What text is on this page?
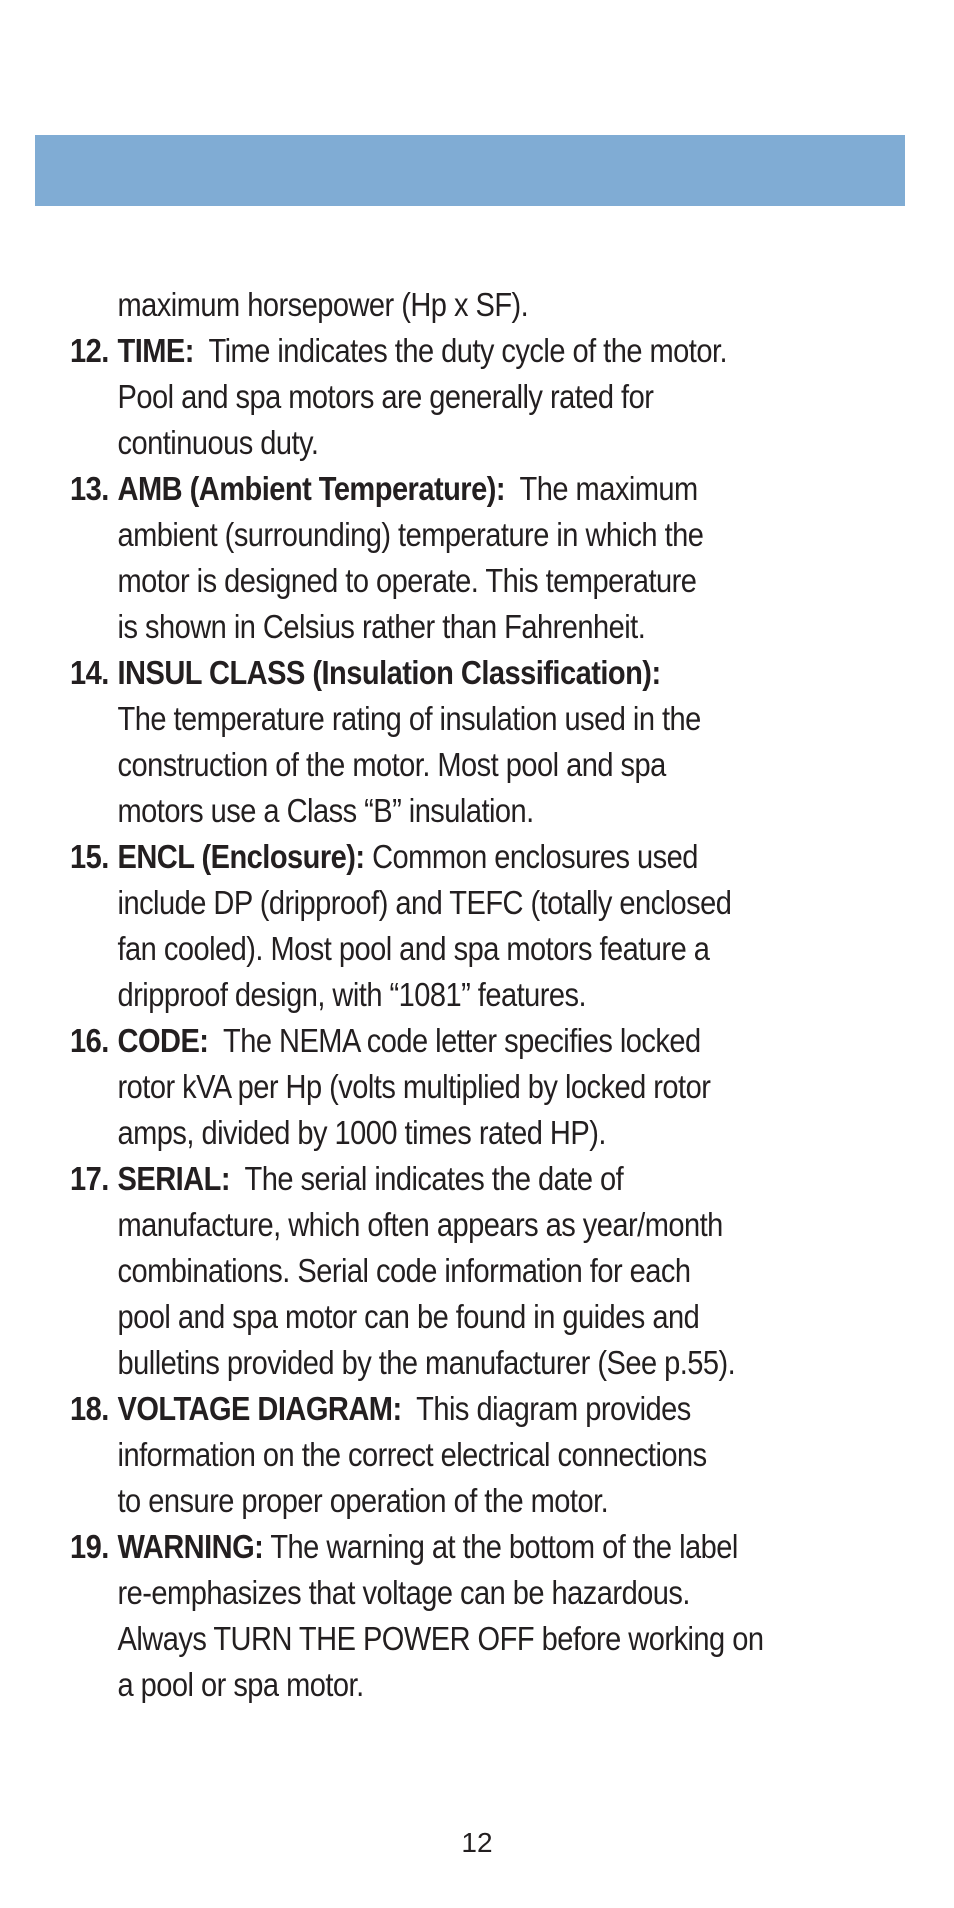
maximum horsepower (Hp x SF).
12. TIME: Time indicates the duty cycle of the motor.
Pool and spa motors are generally rated for
continuous duty.
13. AMB (Ambient Temperature): The maximum
ambient (surrounding) temperature in which the
motor is designed to operate. This temperature
is shown in Celsius rather than Fahrenheit.
14. INSUL CLASS (Insulation Classification):
The temperature rating of insulation used in the
construction of the motor. Most pool and spa
motors use a Class “B” insulation.
15. ENCL (Enclosure): Common enclosures used
include DP (dripproof) and TEFC (totally enclosed
fan cooled). Most pool and spa motors feature a
dripproof design, with “1081” features.
16. CODE: The NEMA code letter specifies locked
rotor kVA per Hp (volts multiplied by locked rotor
amps, divided by 1000 times rated HP).
17. SERIAL: The serial indicates the date of
manufacture, which often appears as year/month
combinations. Serial code information for each
pool and spa motor can be found in guides and
bulletins provided by the manufacturer (See p.55).
18. VOLTAGE DIAGRAM: This diagram provides
information on the correct electrical connections
to ensure proper operation of the motor.
19. WARNING: The warning at the bottom of the label
re-emphasizes that voltage can be hazardous.
Always TURN THE POWER OFF before working on
a pool or spa motor.
12
